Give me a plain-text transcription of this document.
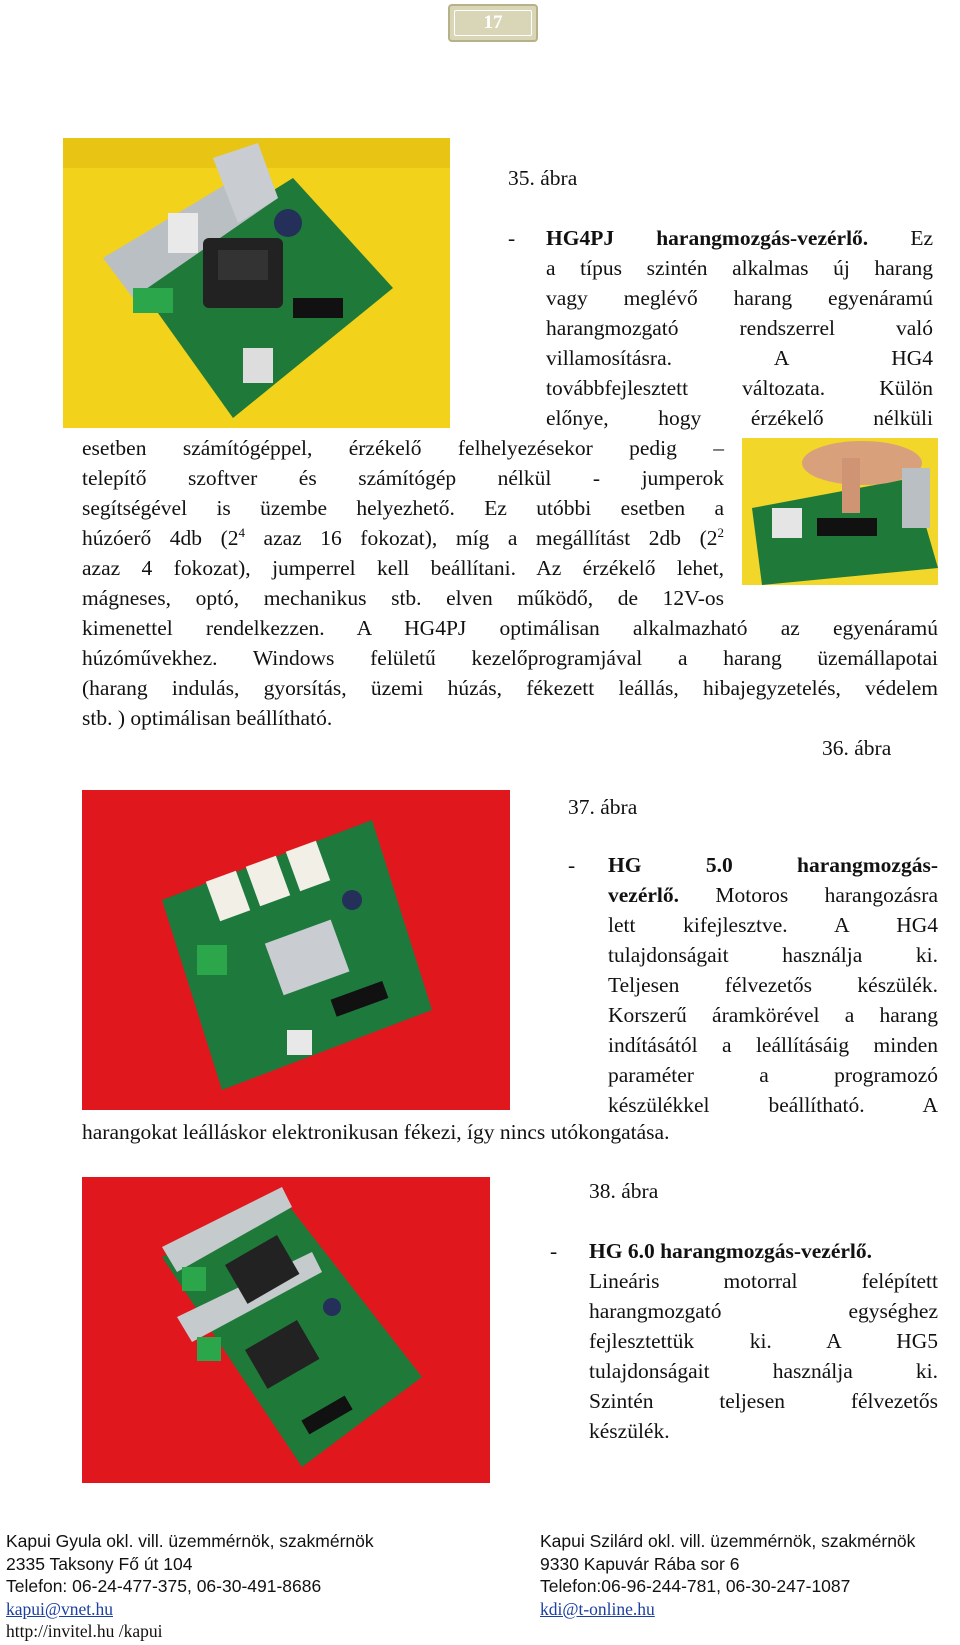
17
35. ábra
- HG4PJ harangmozgás-vezérlő. Ez
a típus szintén alkalmas új harang
vagy meglévő harang egyenáramú
harangmozgató rendszerrel való
villamosításra. A HG4
továbbfejlesztett változata. Külön
előnye, hogy érzékelő nélküli
esetben számítógéppel, érzékelő felhelyezésekor pedig –
telepítő szoftver és számítógép nélkül - jumperok
segítségével is üzembe helyezhető. Ez utóbbi esetben a
húzóerő 4db ($2^4$ azaz 16 fokozat), míg a megállítást 2db ($2^2$
azaz 4 fokozat), jumperrel kell beállítani. Az érzékelő lehet,
mágneses, optó, mechanikus stb. elven működő, de 12V-os
kimenettel rendelkezzen. A HG4PJ optimálisan alkalmazható az egyenáramú
húzóművekhez. Windows felületű kezelőprogramjával a harang üzemállapotai
(harang indulás, gyorsítás, üzemi húzás, fékezett leállás, hibajegyzetelés, védelem
stb. ) optimálisan beállítható.
36. ábra
37. ábra
- HG 5.0 harangmozgás-
vezérlő. Motoros harangozásra
lett kifejlesztve. A HG4
tulajdonságait használja ki.
Teljesen félvezetős készülék.
Korszerű áramkörével a harang
indításától a leállításáig minden
paraméter a programozó
készülékkel beállítható. A
harangokat leálláskor elektronikusan fékezi, így nincs utókongatása.
38. ábra
- HG 6.0 harangmozgás-vezérlő.
Lineáris motorral felépített
harangmozgató egységhez
fejlesztettük ki. A HG5
tulajdonságait használja ki.
Szintén teljesen félvezetős
készülék.
Kapui Gyula okl. vill. üzemmérnök, szakmérnök
2335 Taksony Fő út 104
Telefon: 06-24-477-375, 06-30-491-8686
kapui@vnet.hu
http://invitel.hu /kapui
Kapui Szilárd okl. vill. üzemmérnök, szakmérnök
9330 Kapuvár Rába sor 6
Telefon:06-96-244-781, 06-30-247-1087
kdi@t-online.hu
